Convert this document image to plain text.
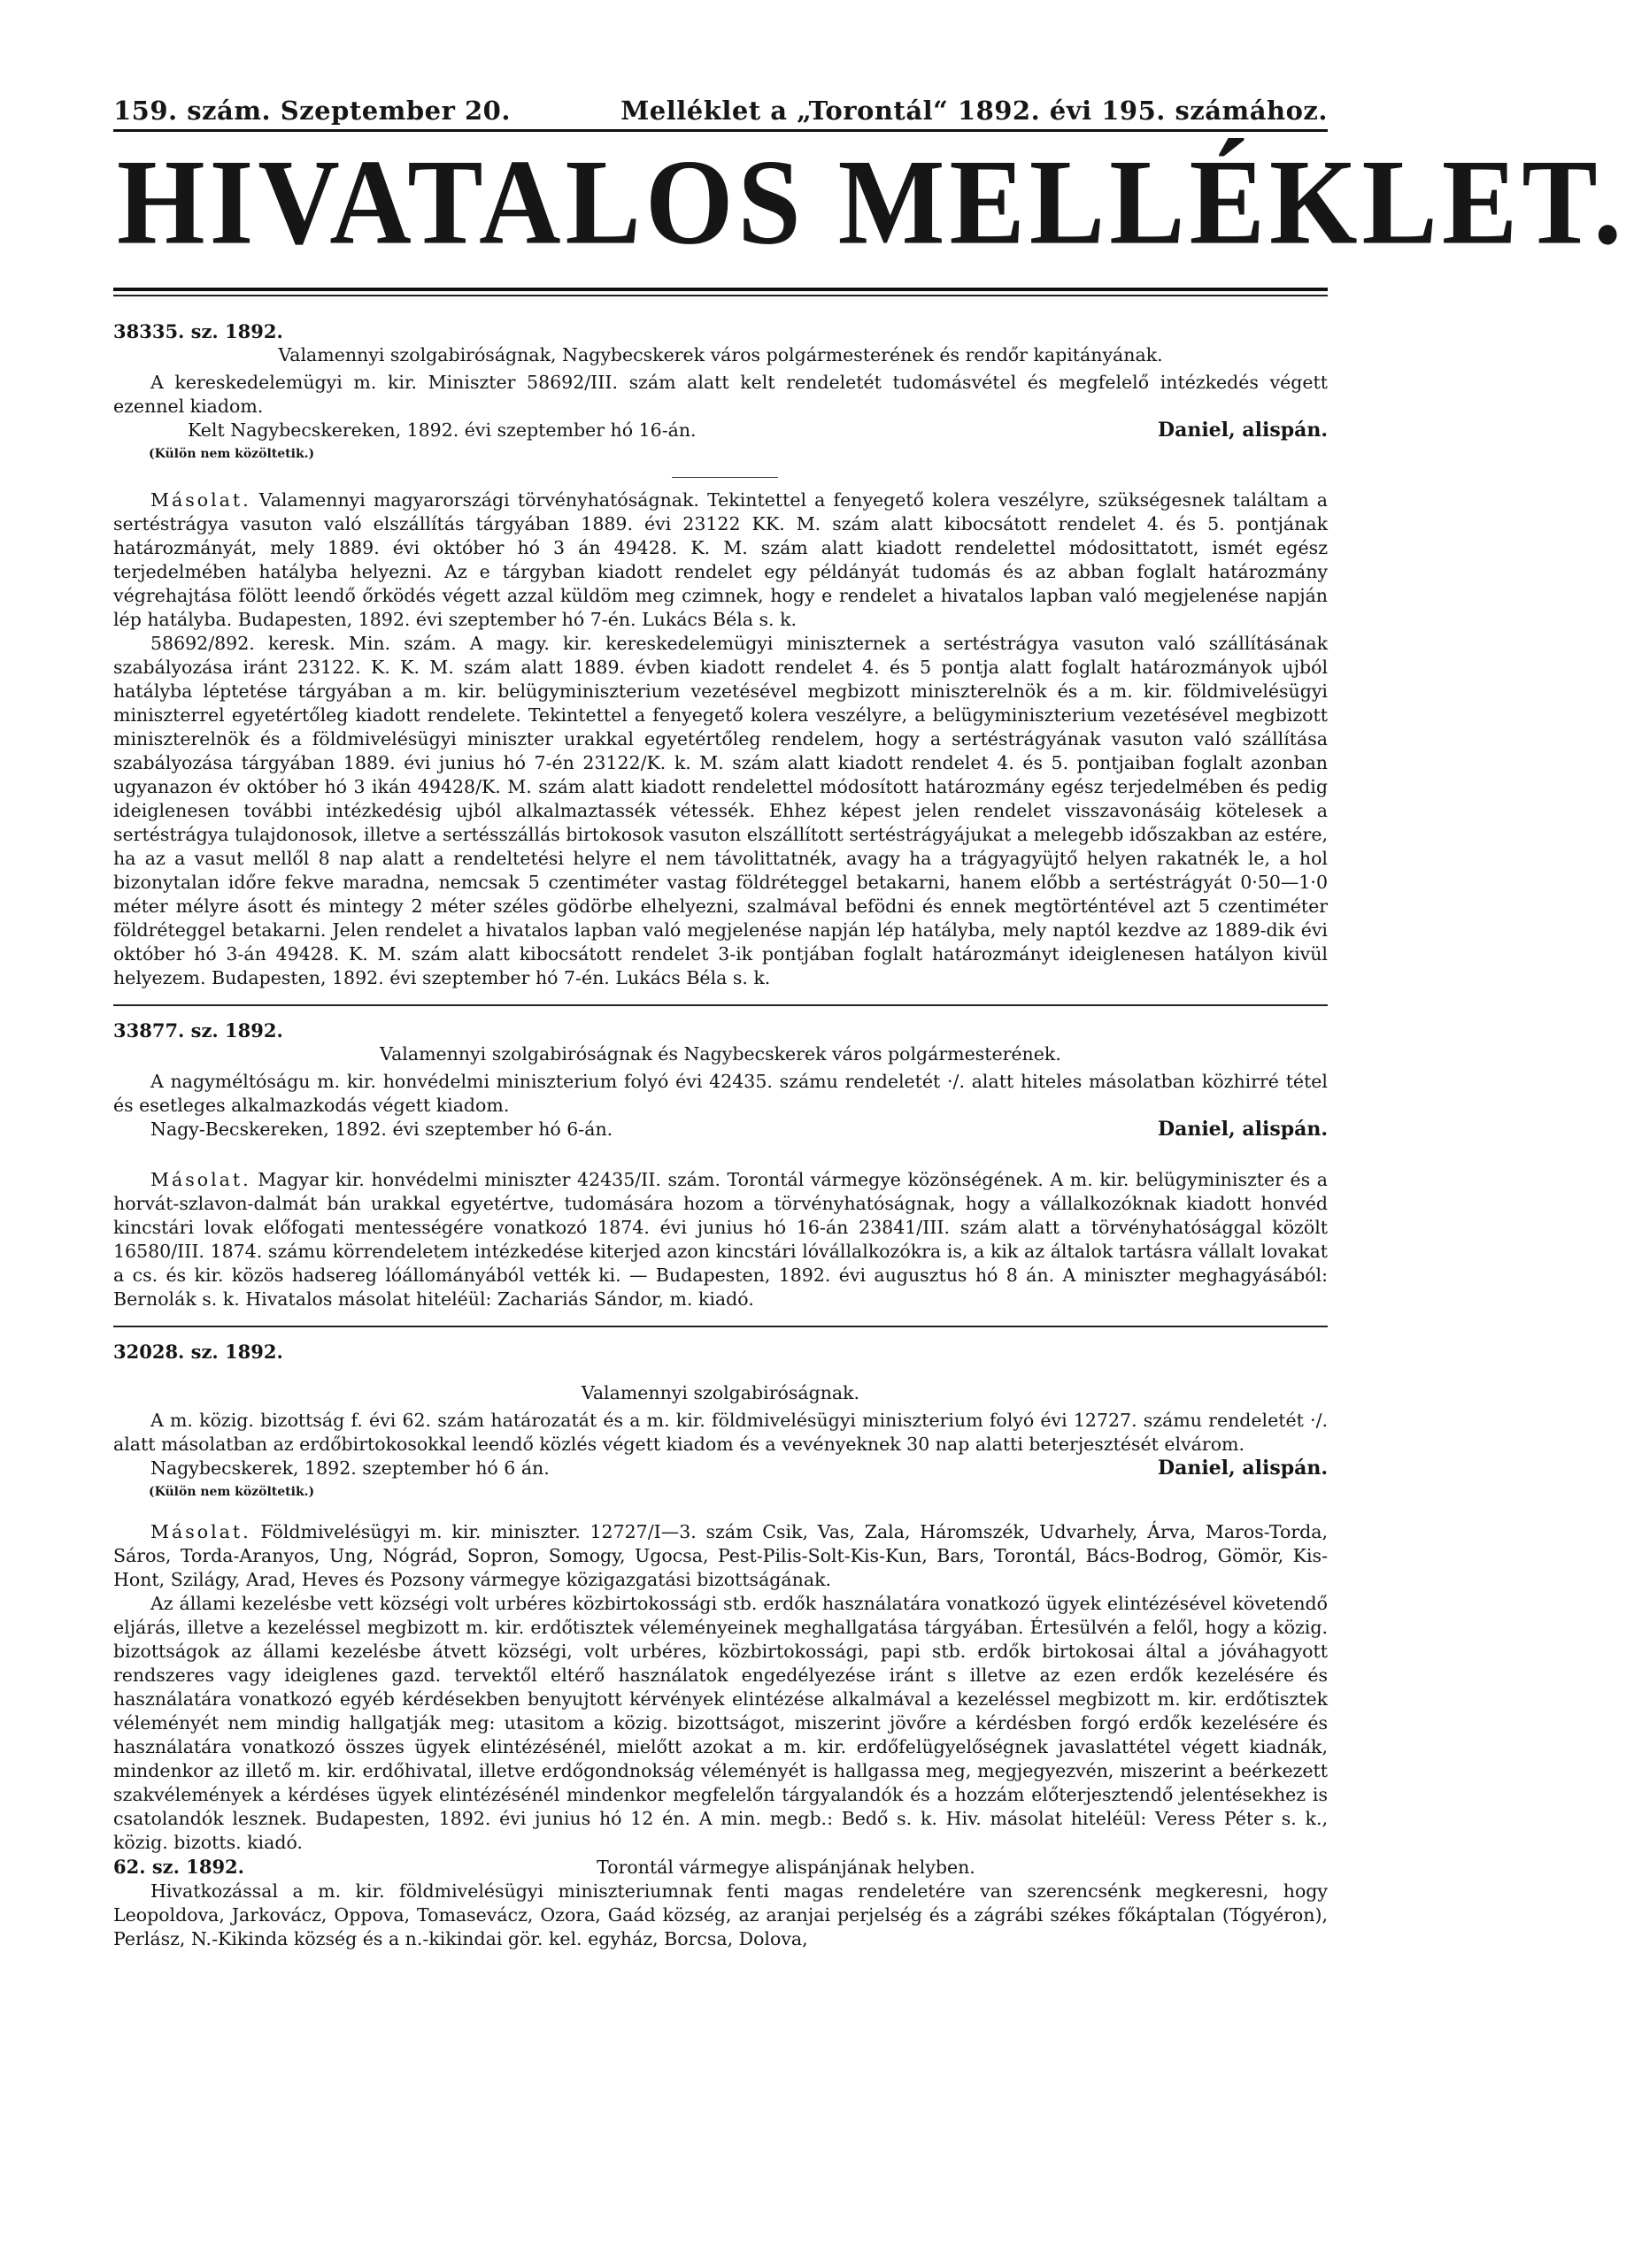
159. szám. Szeptember 20.	Melléklet a „Torontál“ 1892. évi 195. számához.
HIVATALOS MELLÉKLET.

38335. sz. 1892.

Valamennyi szolgabiróságnak, Nagybecskerek város polgármesterének és rendőr kapitányának.

A kereskedelemügyi m. kir. Miniszter 58692/III. szám alatt kelt rendeletét tudomásvétel és megfelelő intézkedés végett ezennel kiadom.

Kelt Nagybecskereken, 1892. évi szeptember hó 16-án.	Daniel, alispán.

(Külön nem közöltetik.)

Másolat. Valamennyi magyarországi törvényhatóságnak. Tekintettel a fenyegető kolera veszélyre, szükségesnek találtam a sertéstrágya vasuton való elszállítás tárgyában 1889. évi 23122 KK. M. szám alatt kibocsátott rendelet 4. és 5. pontjának határozmányát, mely 1889. évi október hó 3 án 49428. K. M. szám alatt kiadott rendelettel módosittatott, ismét egész terjedelmében hatályba helyezni. Az e tárgyban kiadott rendelet egy példányát tudomás és az abban foglalt határozmány végrehajtása fölött leendő őrködés végett azzal küldöm meg czimnek, hogy e rendelet a hivatalos lapban való megjelenése napján lép hatályba. Budapesten, 1892. évi szeptember hó 7-én. Lukács Béla s. k.

58692/892. keresk. Min. szám. A magy. kir. kereskedelemügyi miniszternek a sertéstrágya vasuton való szállításának szabályozása iránt 23122. K. K. M. szám alatt 1889. évben kiadott rendelet 4. és 5 pontja alatt foglalt határozmányok ujból hatályba léptetése tárgyában a m. kir. belügyminiszterium vezetésével megbizott miniszterelnök és a m. kir. földmivelésügyi miniszterrel egyetértőleg kiadott rendelete. Tekintettel a fenyegető kolera veszélyre, a belügyminiszterium vezetésével megbizott miniszterelnök és a földmivelésügyi miniszter urakkal egyetértőleg rendelem, hogy a sertéstrágyának vasuton való szállítása szabályozása tárgyában 1889. évi junius hó 7-én 23122/K. k. M. szám alatt kiadott rendelet 4. és 5. pontjaiban foglalt azonban ugyanazon év október hó 3 ikán 49428/K. M. szám alatt kiadott rendelettel módosított határozmány egész terjedelmében és pedig ideiglenesen további intézkedésig ujból alkalmaztassék vétessék. Ehhez képest jelen rendelet visszavonásáig kötelesek a sertéstrágya tulajdonosok, illetve a sertésszállás birtokosok vasuton elszállított sertéstrágyájukat a melegebb időszakban az estére, ha az a vasut mellől 8 nap alatt a rendeltetési helyre el nem távolittatnék, avagy ha a trágyagyüjtő helyen rakatnék le, a hol bizonytalan időre fekve maradna, nemcsak 5 czentiméter vastag földréteggel betakarni, hanem előbb a sertéstrágyát 0·50—1·0 méter mélyre ásott és mintegy 2 méter széles gödörbe elhelyezni, szalmával befödni és ennek megtörténtével azt 5 czentiméter földréteggel betakarni. Jelen rendelet a hivatalos lapban való megjelenése napján lép hatályba, mely naptól kezdve az 1889-dik évi október hó 3-án 49428. K. M. szám alatt kibocsátott rendelet 3-ik pontjában foglalt határozmányt ideiglenesen hatályon kivül helyezem. Budapesten, 1892. évi szeptember hó 7-én. Lukács Béla s. k.

33877. sz. 1892.

Valamennyi szolgabiróságnak és Nagybecskerek város polgármesterének.

A nagyméltóságu m. kir. honvédelmi miniszterium folyó évi 42435. számu rendeletét ·/. alatt hiteles másolatban közhirré tétel és esetleges alkalmazkodás végett kiadom.

Nagy-Becskereken, 1892. évi szeptember hó 6-án.	Daniel, alispán.

Másolat. Magyar kir. honvédelmi miniszter 42435/II. szám. Torontál vármegye közönségének. A m. kir. belügyminiszter és a horvát-szlavon-dalmát bán urakkal egyetértve, tudomására hozom a törvényhatóságnak, hogy a vállalkozóknak kiadott honvéd kincstári lovak előfogati mentességére vonatkozó 1874. évi junius hó 16-án 23841/III. szám alatt a törvényhatósággal közölt 16580/III. 1874. számu körrendeletem intézkedése kiterjed azon kincstári lóvállalkozókra is, a kik az általok tartásra vállalt lovakat a cs. és kir. közös hadsereg lóállományából vették ki. — Budapesten, 1892. évi augusztus hó 8 án. A miniszter meghagyásából: Bernolák s. k. Hivatalos másolat hiteléül: Zachariás Sándor, m. kiadó.

32028. sz. 1892.

Valamennyi szolgabiróságnak.

A m. közig. bizottság f. évi 62. szám határozatát és a m. kir. földmivelésügyi miniszterium folyó évi 12727. számu rendeletét ·/. alatt másolatban az erdőbirtokosokkal leendő közlés végett kiadom és a vevényeknek 30 nap alatti beterjesztését elvárom.

Nagybecskerek, 1892. szeptember hó 6 án.	Daniel, alispán.

(Külön nem közöltetik.)

Másolat. Földmivelésügyi m. kir. miniszter. 12727/I—3. szám Csik, Vas, Zala, Háromszék, Udvarhely, Árva, Maros-Torda, Sáros, Torda-Aranyos, Ung, Nógrád, Sopron, Somogy, Ugocsa, Pest-Pilis-Solt-Kis-Kun, Bars, Torontál, Bács-Bodrog, Gömör, Kis-Hont, Szilágy, Arad, Heves és Pozsony vármegye közigazgatási bizottságának.

Az állami kezelésbe vett községi volt urbéres közbirtokossági stb. erdők használatára vonatkozó ügyek elintézésével követendő eljárás, illetve a kezeléssel megbizott m. kir. erdőtisztek véleményeinek meghallgatása tárgyában. Értesülvén a felől, hogy a közig. bizottságok az állami kezelésbe átvett községi, volt urbéres, közbirtokossági, papi stb. erdők birtokosai által a jóváhagyott rendszeres vagy ideiglenes gazd. tervektől eltérő használatok engedélyezése iránt s illetve az ezen erdők kezelésére és használatára vonatkozó egyéb kérdésekben benyujtott kérvények elintézése alkalmával a kezeléssel megbizott m. kir. erdőtisztek véleményét nem mindig hallgatják meg: utasitom a közig. bizottságot, miszerint jövőre a kérdésben forgó erdők kezelésére és használatára vonatkozó összes ügyek elintézésénél, mielőtt azokat a m. kir. erdőfelügyelőségnek javaslattétel végett kiadnák, mindenkor az illető m. kir. erdőhivatal, illetve erdőgondnokság véleményét is hallgassa meg, megjegyezvén, miszerint a beérkezett szakvélemények a kérdéses ügyek elintézésénél mindenkor megfelelőn tárgyalandók és a hozzám előterjesztendő jelentésekhez is csatolandók lesznek. Budapesten, 1892. évi junius hó 12 én. A min. megb.: Bedő s. k. Hiv. másolat hiteléül: Veress Péter s. k., közig. bizotts. kiadó.

62. sz. 1892.	Torontál vármegye alispánjának helyben.

Hivatkozással a m. kir. földmivelésügyi miniszteriumnak fenti magas rendeletére van szerencsénk megkeresni, hogy Leopoldova, Jarkovácz, Oppova, Tomasevácz, Ozora, Gaád község, az aranjai perjelség és a zágrábi székes főkáptalan (Tógyéron), Perlász, N.-Kikinda község és a n.-kikindai gör. kel. egyház, Borcsa, Dolova,
